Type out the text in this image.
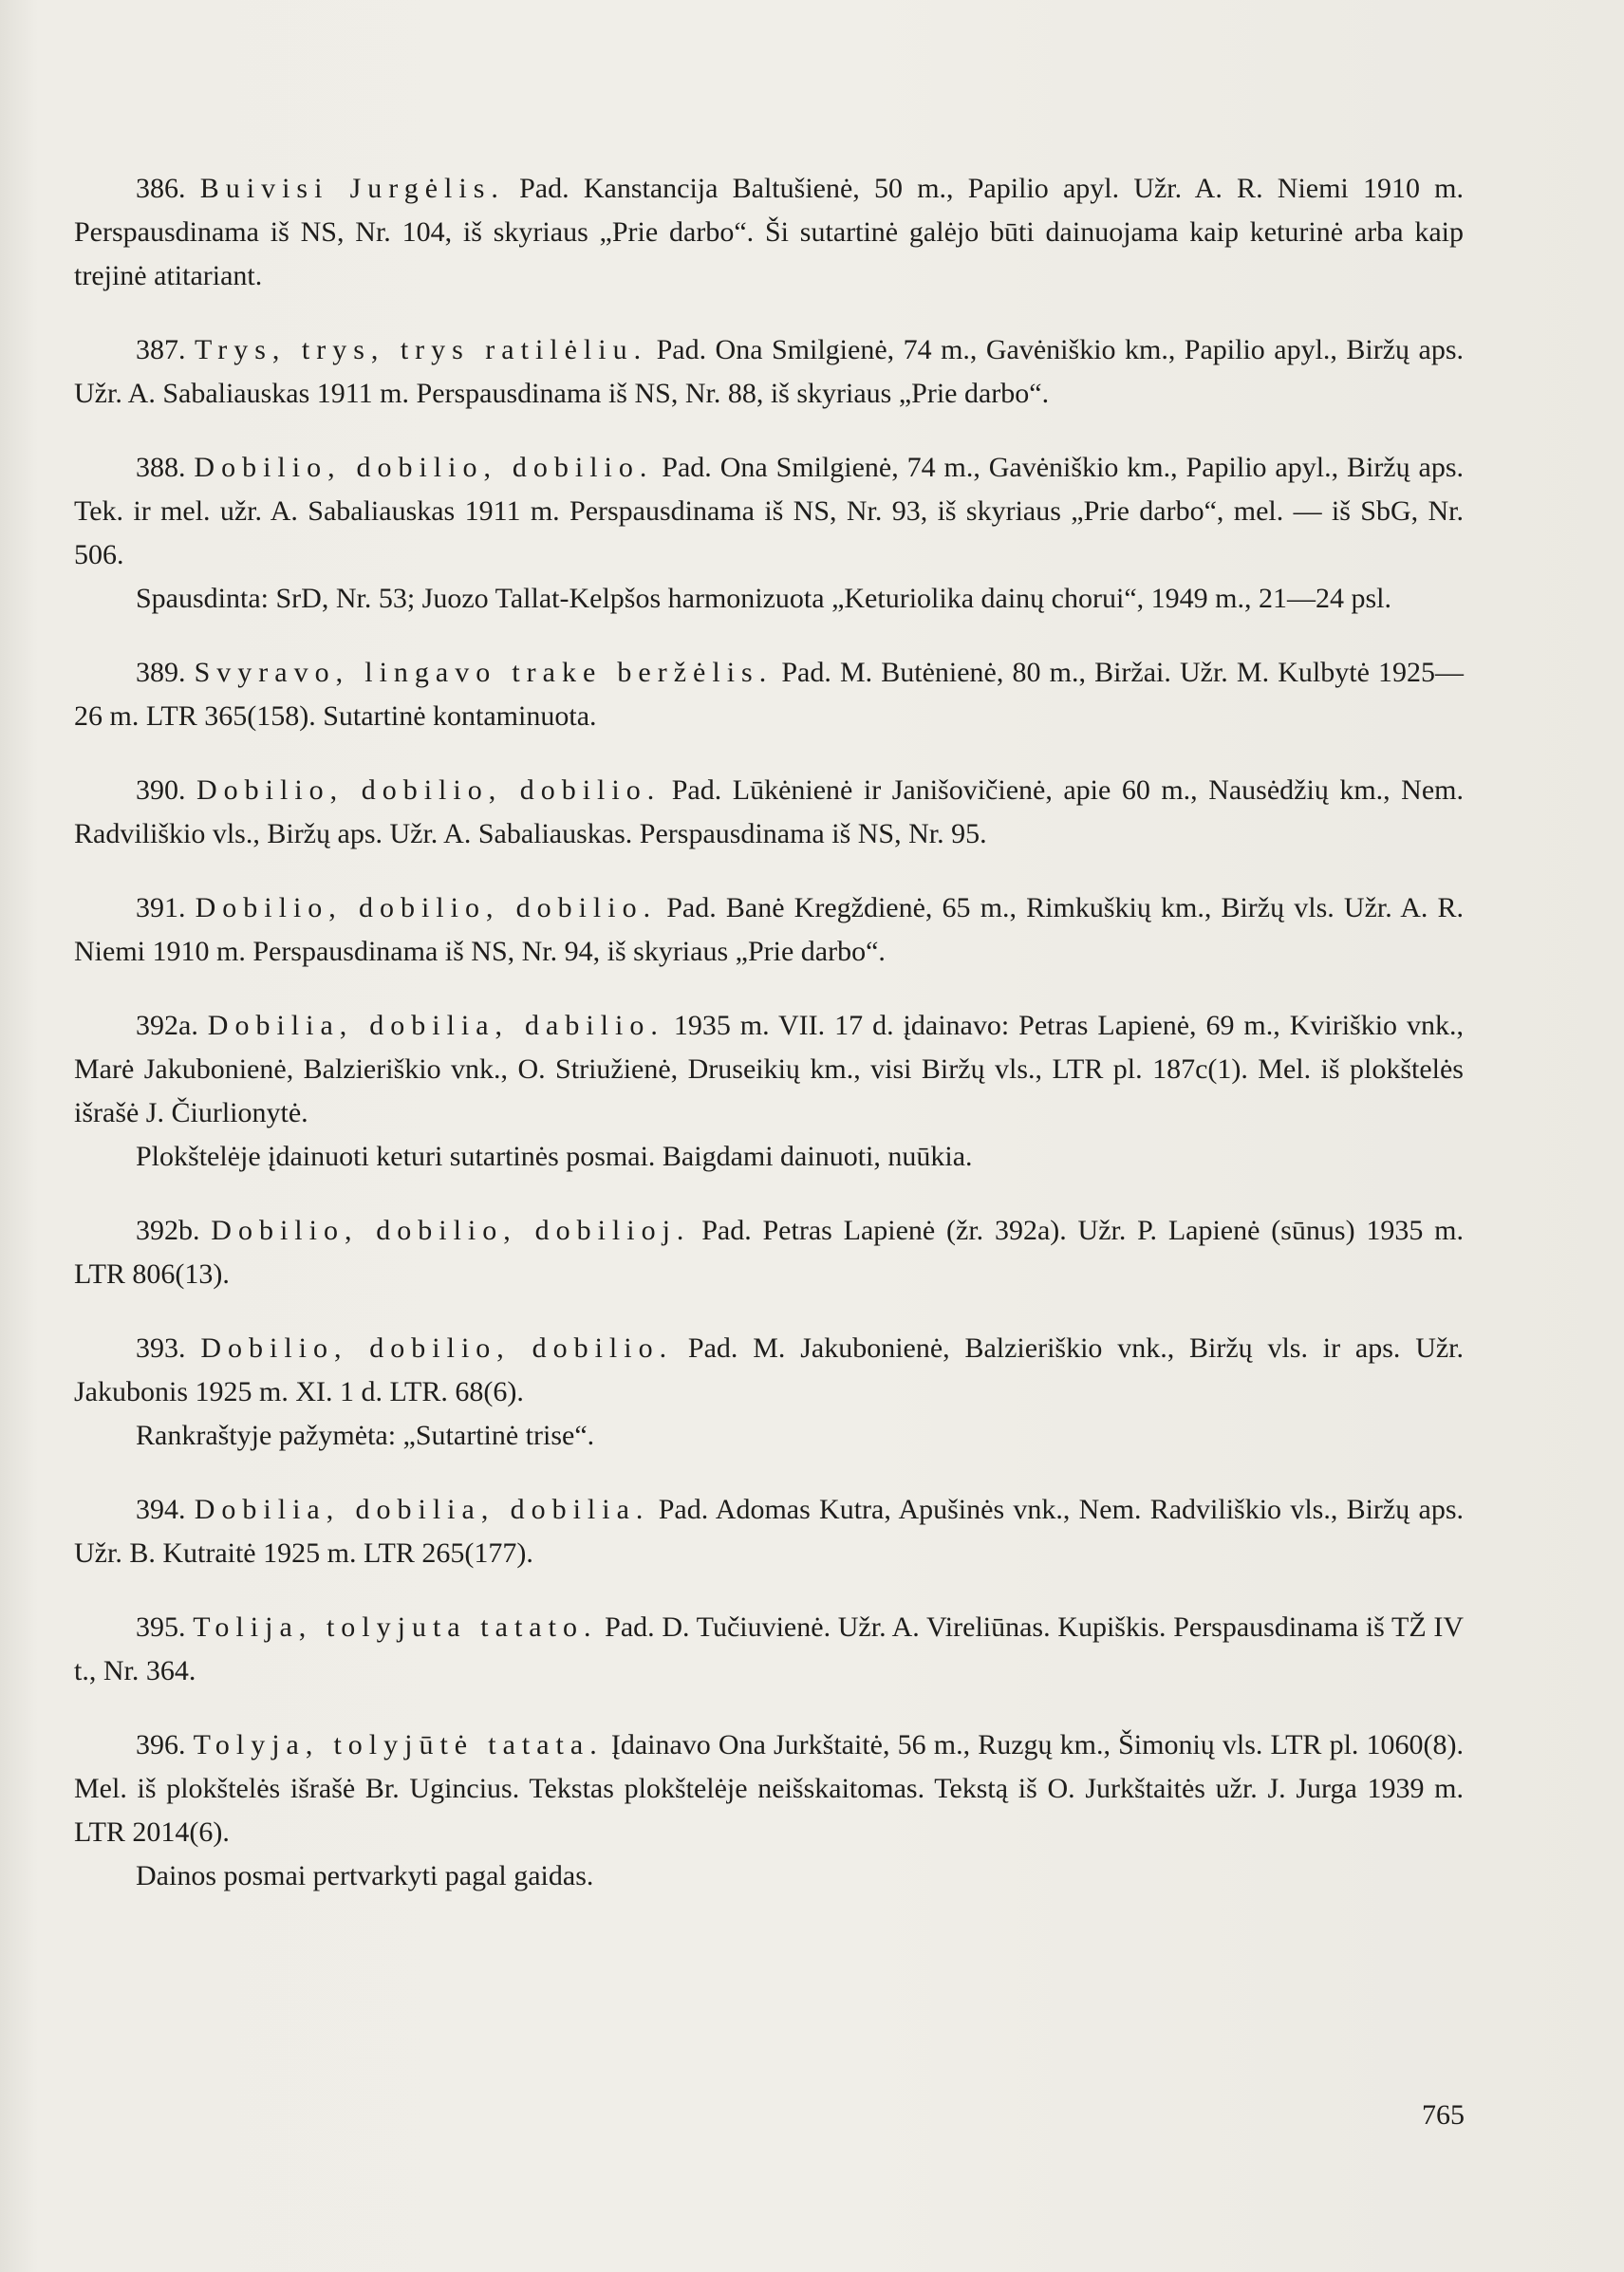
386. Buivisi Jurgėlis. Pad. Kanstancija Baltušienė, 50 m., Papilio apyl. Užr. A. R. Niemi 1910 m. Perspausdinama iš NS, Nr. 104, iš skyriaus „Prie darbo“. Ši sutartinė galėjo būti dainuojama kaip keturinė arba kaip trejinė atitariant.

387. Trys, trys, trys ratilėliu. Pad. Ona Smilgienė, 74 m., Gavėniškio km., Papilio apyl., Biržų aps. Užr. A. Sabaliauskas 1911 m. Perspausdinama iš NS, Nr. 88, iš skyriaus „Prie darbo“.

388. Dobilio, dobilio, dobilio. Pad. Ona Smilgienė, 74 m., Gavėniškio km., Papilio apyl., Biržų aps. Tek. ir mel. užr. A. Sabaliauskas 1911 m. Perspausdinama iš NS, Nr. 93, iš skyriaus „Prie darbo“, mel. — iš SbG, Nr. 506.
Spausdinta: SrD, Nr. 53; Juozo Tallat-Kelpšos harmonizuota „Keturiolika dainų chorui“, 1949 m., 21—24 psl.

389. Svyravo, lingavo trake beržėlis. Pad. M. Butėnienė, 80 m., Biržai. Užr. M. Kulbytė 1925—26 m. LTR 365(158). Sutartinė kontaminuota.

390. Dobilio, dobilio, dobilio. Pad. Lūkėnienė ir Janišovičienė, apie 60 m., Nausėdžių km., Nem. Radviliškio vls., Biržų aps. Užr. A. Sabaliauskas. Perspausdinama iš NS, Nr. 95.

391. Dobilio, dobilio, dobilio. Pad. Banė Kregždienė, 65 m., Rimkuškių km., Biržų vls. Užr. A. R. Niemi 1910 m. Perspausdinama iš NS, Nr. 94, iš skyriaus „Prie darbo“.

392a. Dobilia, dobilia, dabilio. 1935 m. VII. 17 d. įdainavo: Petras Lapienė, 69 m., Kviriškio vnk., Marė Jakubonienė, Balzieriškio vnk., O. Striužienė, Druseikių km., visi Biržų vls., LTR pl. 187c(1). Mel. iš plokštelės išrašė J. Čiurlionytė.
Plokštelėje įdainuoti keturi sutartinės posmai. Baigdami dainuoti, nuūkia.

392b. Dobilio, dobilio, dobilioj. Pad. Petras Lapienė (žr. 392a). Užr. P. Lapienė (sūnus) 1935 m. LTR 806(13).

393. Dobilio, dobilio, dobilio. Pad. M. Jakubonienė, Balzieriškio vnk., Biržų vls. ir aps. Užr. Jakubonis 1925 m. XI. 1 d. LTR. 68(6).
Rankraštyje pažymėta: „Sutartinė trise“.

394. Dobilia, dobilia, dobilia. Pad. Adomas Kutra, Apušinės vnk., Nem. Radviliškio vls., Biržų aps. Užr. B. Kutraitė 1925 m. LTR 265(177).

395. Tolija, tolyjuta tatato. Pad. D. Tučiuvienė. Užr. A. Vireliūnas. Kupiškis. Perspausdinama iš TŽ IV t., Nr. 364.

396. Tolyja, tolyjūtė tatata. Įdainavo Ona Jurkštaitė, 56 m., Ruzgų km., Šimonių vls. LTR pl. 1060(8). Mel. iš plokštelės išrašė Br. Ugincius. Tekstas plokštelėje neišskaitomas. Tekstą iš O. Jurkštaitės užr. J. Jurga 1939 m. LTR 2014(6).
Dainos posmai pertvarkyti pagal gaidas.

765
